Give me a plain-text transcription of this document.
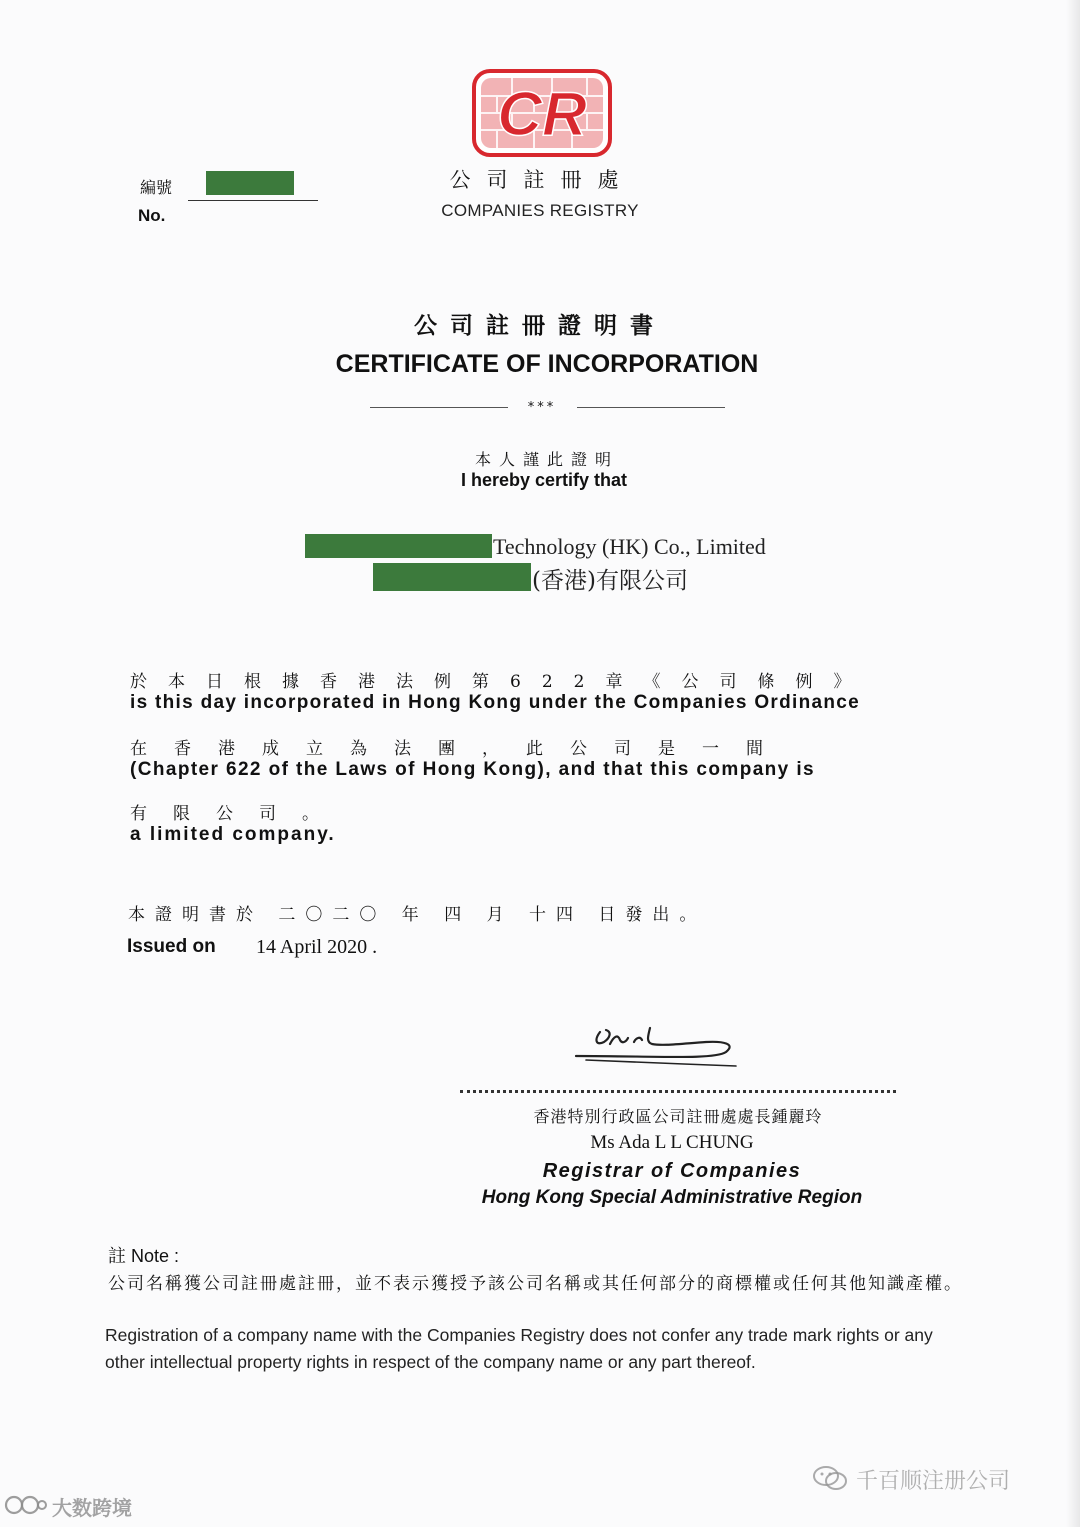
CR
公司註冊處
COMPANIES REGISTRY
編號
No.
公司註冊證明書
CERTIFICATE OF INCORPORATION
***
本人謹此證明
I hereby certify that
Technology (HK) Co., Limited
(香港)有限公司
於本日根據香港法例第622章《公司條例》
is this day incorporated in Hong Kong under the Companies Ordinance
在香港成立為法團，此公司是一間
(Chapter 622 of the Laws of Hong Kong), and that this company is
有限公司。
a limited company.
本證明書於 二〇二〇 年 四 月 十四 日發出。
Issued on 14 April 2020 .
香港特別行政區公司註冊處處長鍾麗玲
Ms Ada L L CHUNG
Registrar of Companies
Hong Kong Special Administrative Region
註 Note :
公司名稱獲公司註冊處註冊，並不表示獲授予該公司名稱或其任何部分的商標權或任何其他知識產權。
Registration of a company name with the Companies Registry does not confer any trade mark rights or any other intellectual property rights in respect of the company name or any part thereof.
千百顺注册公司
大数跨境
